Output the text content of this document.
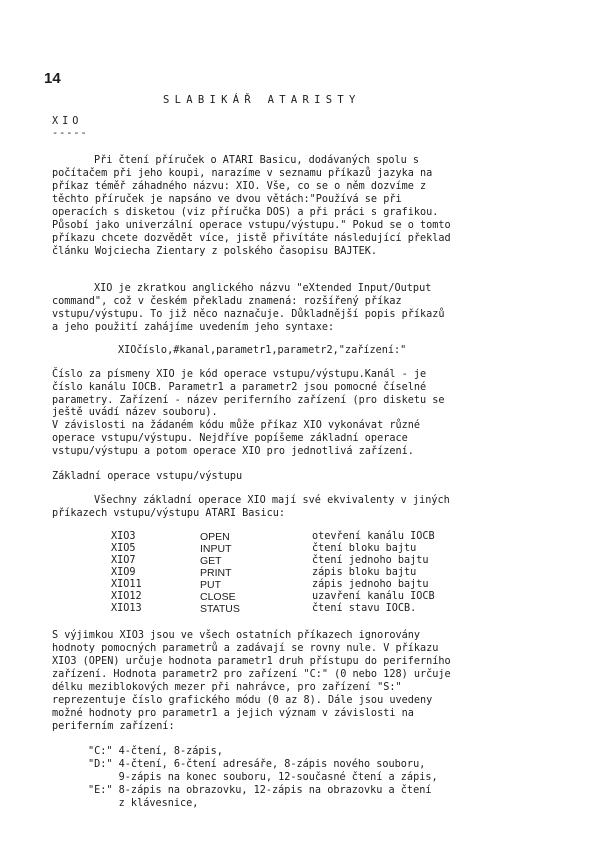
14
SLABIKÁŘ ATARISTY
XIO
-----
Při čtení příruček o ATARI Basicu, dodávaných spolu s
počítačem při jeho koupi, narazíme v seznamu příkazů jazyka na
příkaz téměř záhadného názvu: XIO. Vše, co se o něm dozvíme z
těchto příruček je napsáno ve dvou větách:"Používá se při
operacích s disketou (viz příručka DOS) a při práci s grafikou.
Působí jako univerzální operace vstupu/výstupu." Pokud se o tomto
příkazu chcete dozvědět více, jistě přivítáte následující překlad
článku Wojciecha Zientary z polského časopisu BAJTEK.
XIO je zkratkou anglického názvu "eXtended Input/Output
command", což v českém překladu znamená: rozšířený příkaz
vstupu/výstupu. To již něco naznačuje. Důkladnější popis příkazů
a jeho použití zahájíme uvedením jeho syntaxe:
XIOčíslo,#kanal,parametr1,parametr2,"zařízení:"
Číslo za písmeny XIO je kód operace vstupu/výstupu.Kanál - je
číslo kanálu IOCB. Parametr1 a parametr2 jsou pomocné číselné
parametry. Zařízení - název periferního zařízení (pro disketu se
ještě uvádí název souboru).
V závislosti na žádaném kódu může příkaz XIO vykonávat různé
operace vstupu/výstupu. Nejdříve popíšeme základní operace
vstupu/výstupu a potom operace XIO pro jednotlivá zařízení.
Základní operace vstupu/výstupu
Všechny základní operace XIO mají své ekvivalenty v jiných
příkazech vstupu/výstupu ATARI Basicu:
XIO3	OPEN	otevření kanálu IOCB
XIO5	INPUT	čtení bloku bajtu
XIO7	GET	čtení jednoho bajtu
XIO9	PRINT	zápis bloku bajtu
XIO11	PUT	zápis jednoho bajtu
XIO12	CLOSE	uzavření kanálu IOCB
XIO13	STATUS	čtení stavu IOCB.
S výjimkou XIO3 jsou ve všech ostatních příkazech ignorovány
hodnoty pomocných parametrů a zadávají se rovny nule. V příkazu
XIO3 (OPEN) určuje hodnota parametr1 druh přístupu do periferního
zařízení. Hodnota parametr2 pro zařízení "C:" (0 nebo 128) určuje
délku meziblokových mezer při nahrávce, pro zařízení "S:"
reprezentuje číslo grafického módu (0 az 8). Dále jsou uvedeny
možné hodnoty pro parametr1 a jejich význam v závislosti na
periferním zařízení:
"C:" 4-čtení, 8-zápis,
"D:" 4-čtení, 6-čtení adresáře, 8-zápis nového souboru,
9-zápis na konec souboru, 12-současné čtení a zápis,
"E:" 8-zápis na obrazovku, 12-zápis na obrazovku a čtení
z klávesnice,
